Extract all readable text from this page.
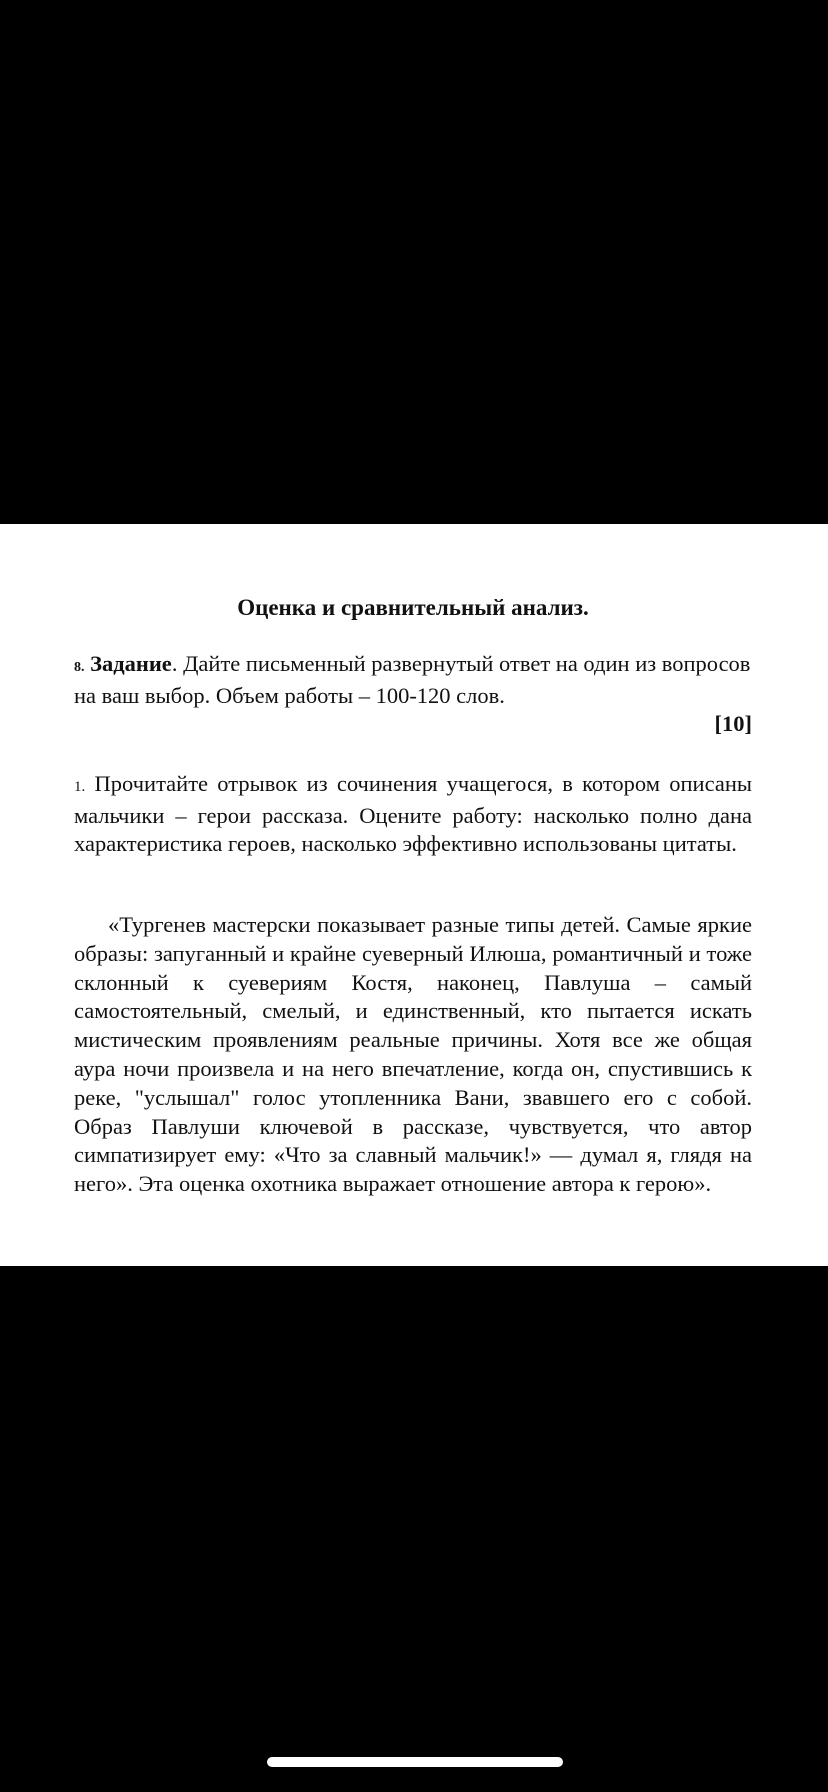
Оценка и сравнительный анализ.
8. Задание. Дайте письменный развернутый ответ на один из вопросов на ваш выбор. Объем работы – 100-120 слов.
[10]
1. Прочитайте отрывок из сочинения учащегося, в котором описаны мальчики – герои рассказа. Оцените работу: насколько полно дана характеристика героев, насколько эффективно использованы цитаты.
«Тургенев мастерски показывает разные типы детей. Самые яркие образы: запуганный и крайне суеверный Илюша, романтичный и тоже склонный к суевериям Костя, наконец, Павлуша – самый самостоятельный, смелый, и единственный, кто пытается искать мистическим проявлениям реальные причины. Хотя все же общая аура ночи произвела и на него впечатление, когда он, спустившись к реке, "услышал" голос утопленника Вани, звавшего его с собой. Образ Павлуши ключевой в рассказе, чувствуется, что автор симпатизирует ему: «Что за славный мальчик!» — думал я, глядя на него». Эта оценка охотника выражает отношение автора к герою».
